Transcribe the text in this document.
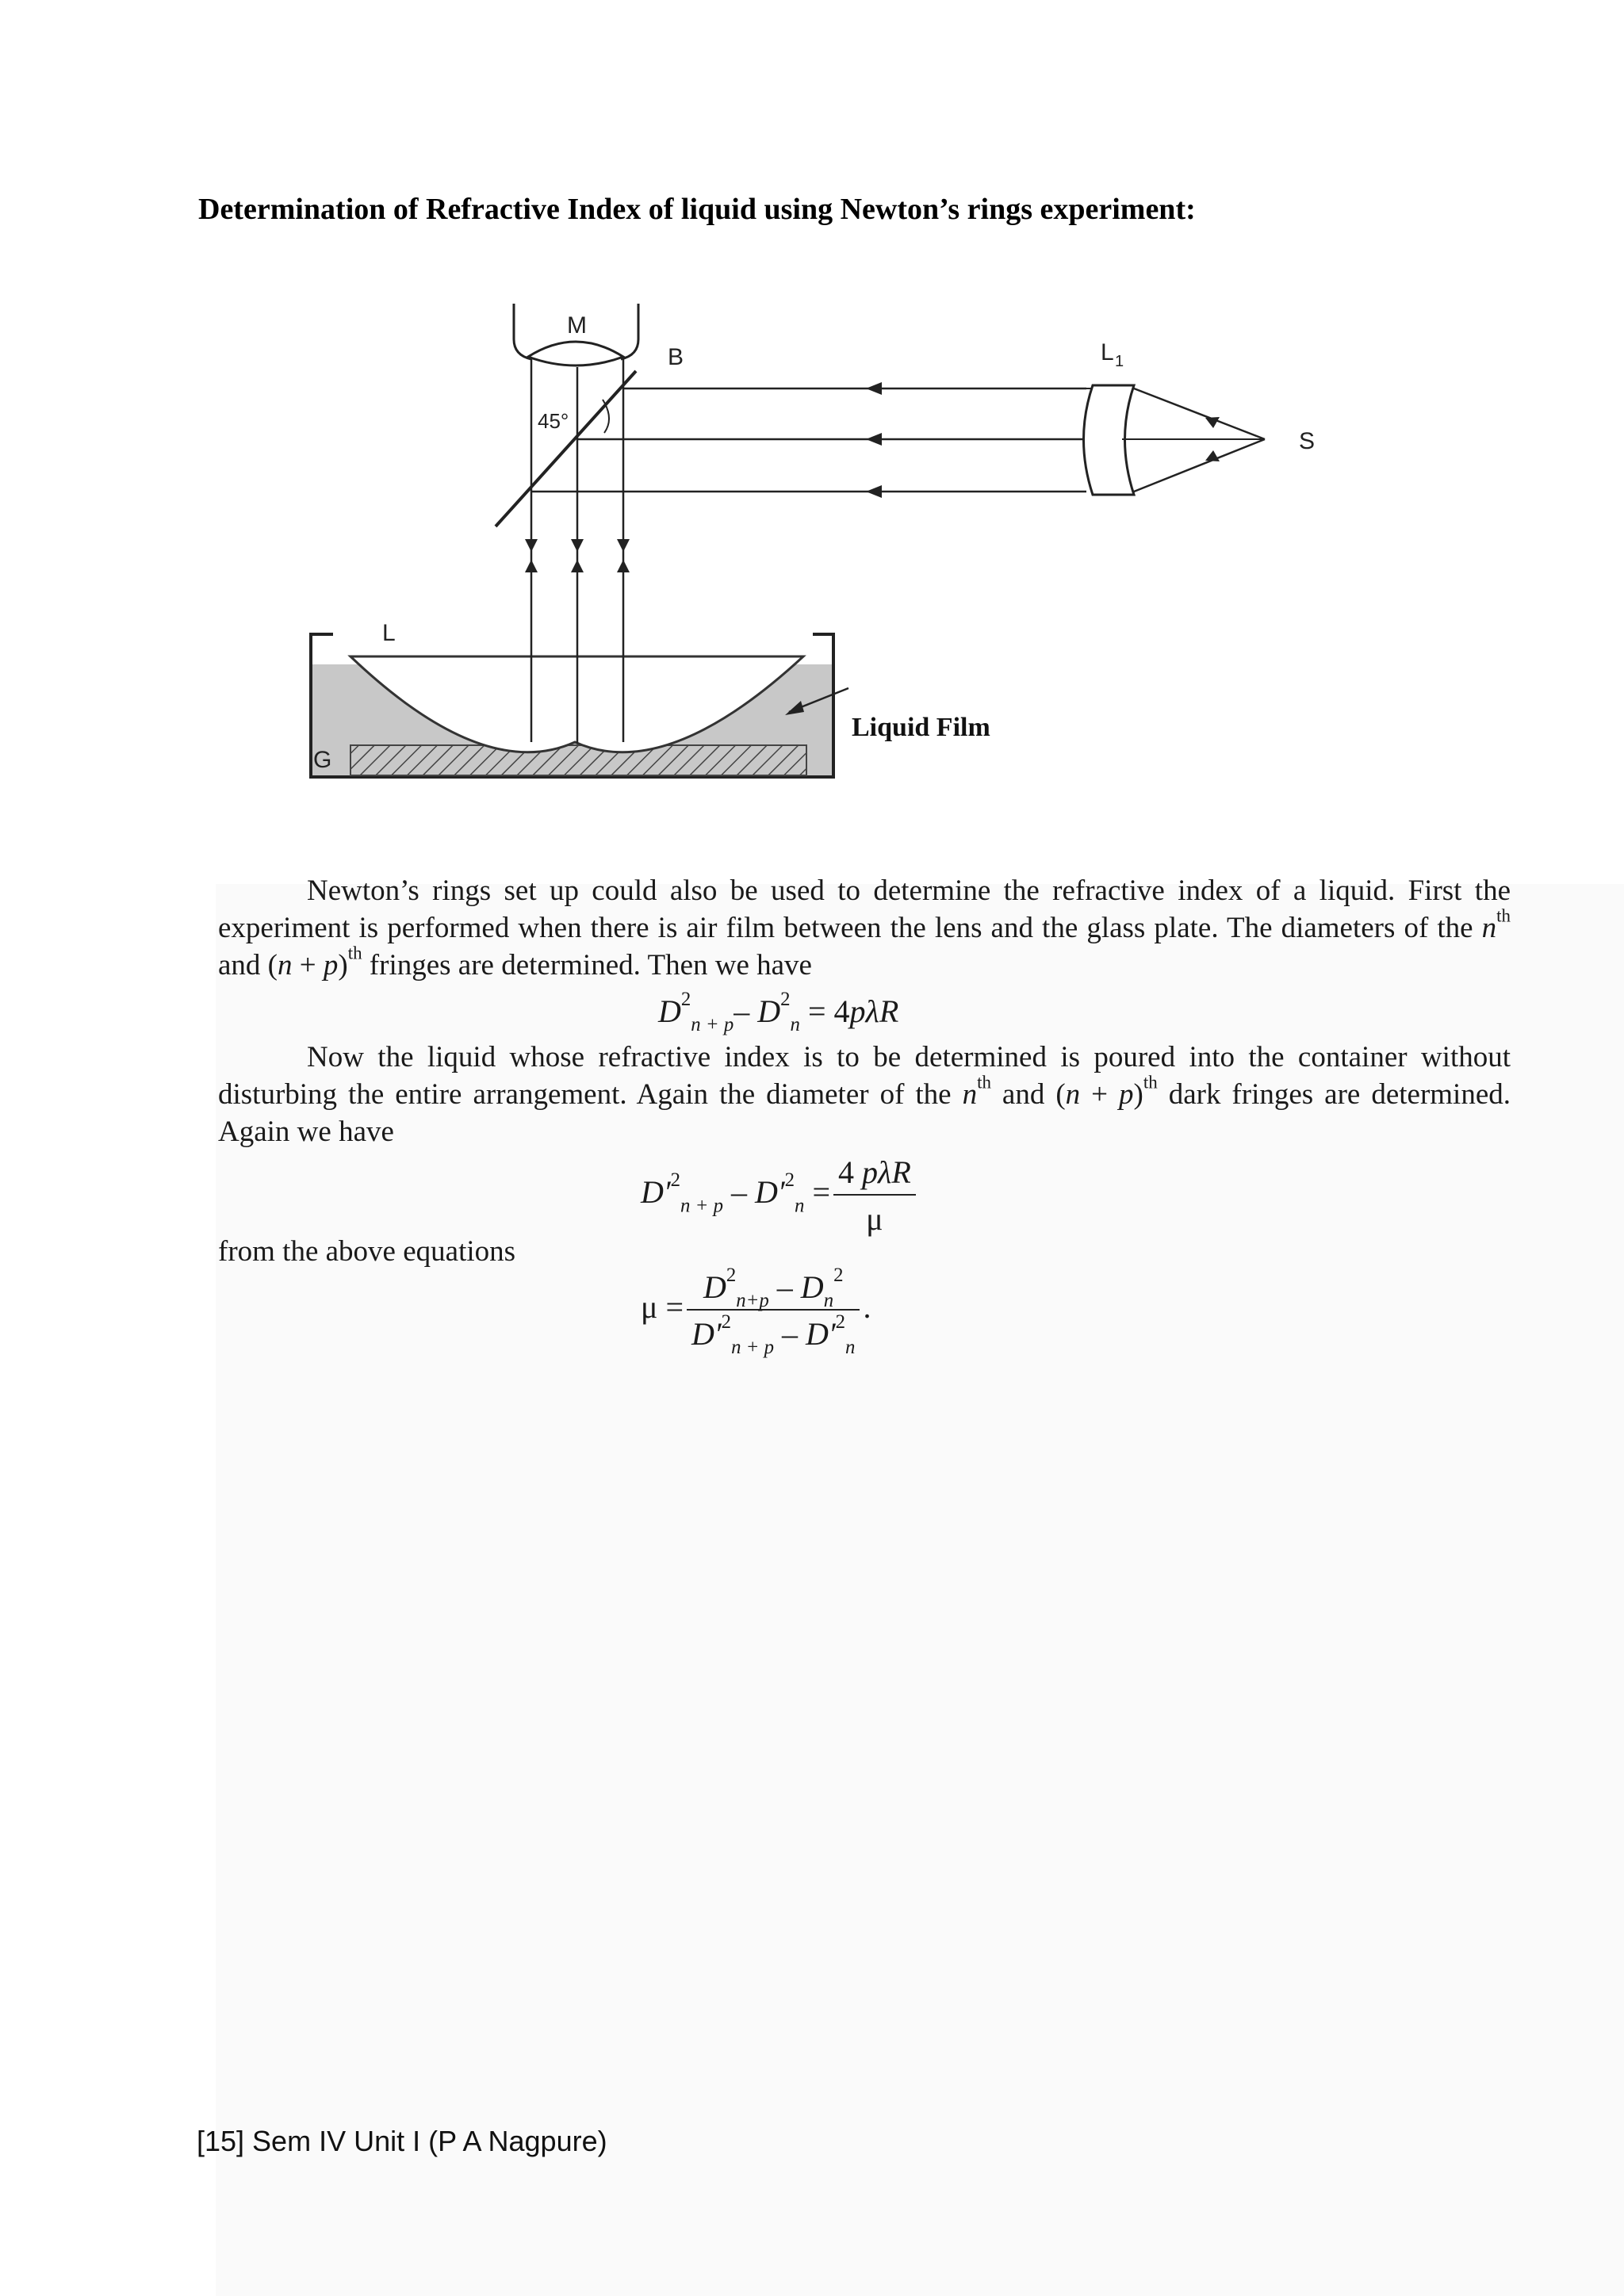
Determination of Refractive Index of liquid using Newton’s rings experiment:
M
B	L 1
S
45°
L
G
Liquid Film

Newton’s rings set up could also be used to determine the refractive index of a liquid. First the experiment is performed when there is air film between the lens and the glass plate. The diameters of the $n^{th}$ and $(n + p)^{th}$ fringes are determined. Then we have

$D^2_{n + p}-$ $D^2_n = 4p\lambda R$

Now the liquid whose refractive index is to be determined is poured into the container without disturbing the entire arrangement. Again the diameter of the $n^{th}$ and $(n + p)^{th}$ dark fringes are determined. Again we have

$D'^2_{n + p} - D'^2_n = \frac{\text{4 pλR}}{\mu}$

from the above equations

$\mu = \frac{D^2_{n+p} - D_n^2}{D'^2_{n + p} - D'^2_n}$ .

[15] Sem IV Unit I (P A Nagpure)
